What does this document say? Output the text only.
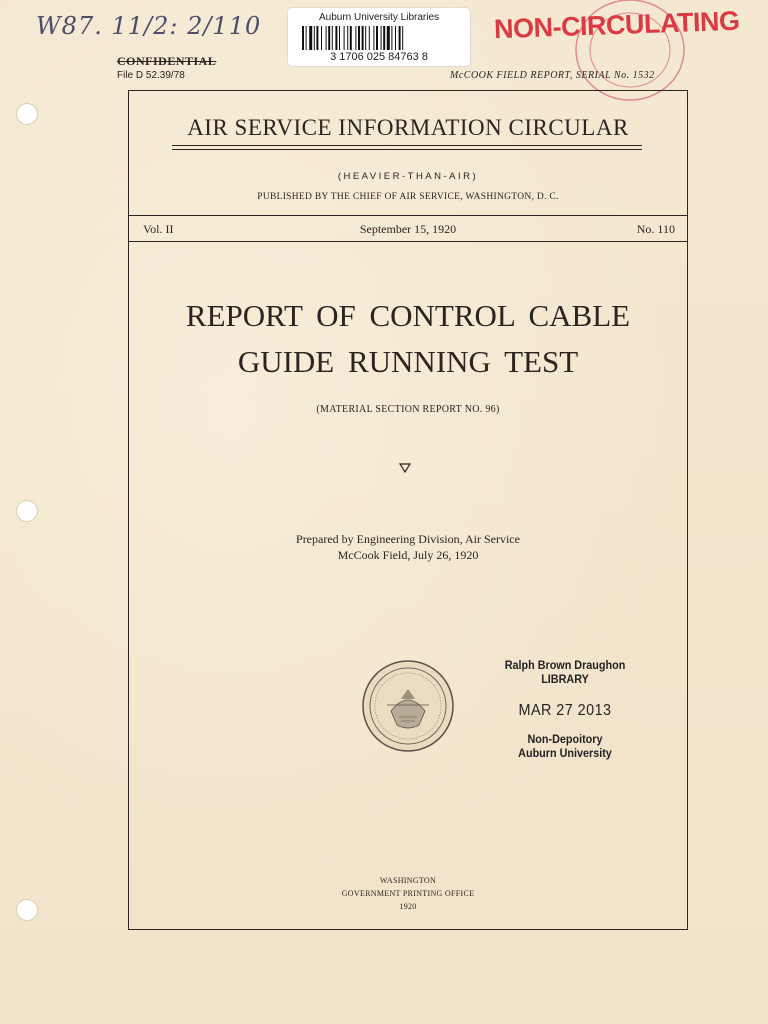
W87. 11/2: 2/110
CONFIDENTIAL
File D 52.39/78
Auburn University Libraries
3 1706 025 84763 8
NON-CIRCULATING
McCOOK FIELD REPORT, SERIAL No. 1532
AIR SERVICE INFORMATION CIRCULAR
(HEAVIER-THAN-AIR)
PUBLISHED BY THE CHIEF OF AIR SERVICE, WASHINGTON, D. C.
Vol. II	September 15, 1920	No. 110
REPORT OF CONTROL CABLE
GUIDE RUNNING TEST
(MATERIAL SECTION REPORT NO. 96)
Prepared by Engineering Division, Air Service
McCook Field, July 26, 1920
Ralph Brown Draughon
LIBRARY
MAR 27 2013
Non-Depoitory
Auburn University
WASHINGTON
GOVERNMENT PRINTING OFFICE
1920
